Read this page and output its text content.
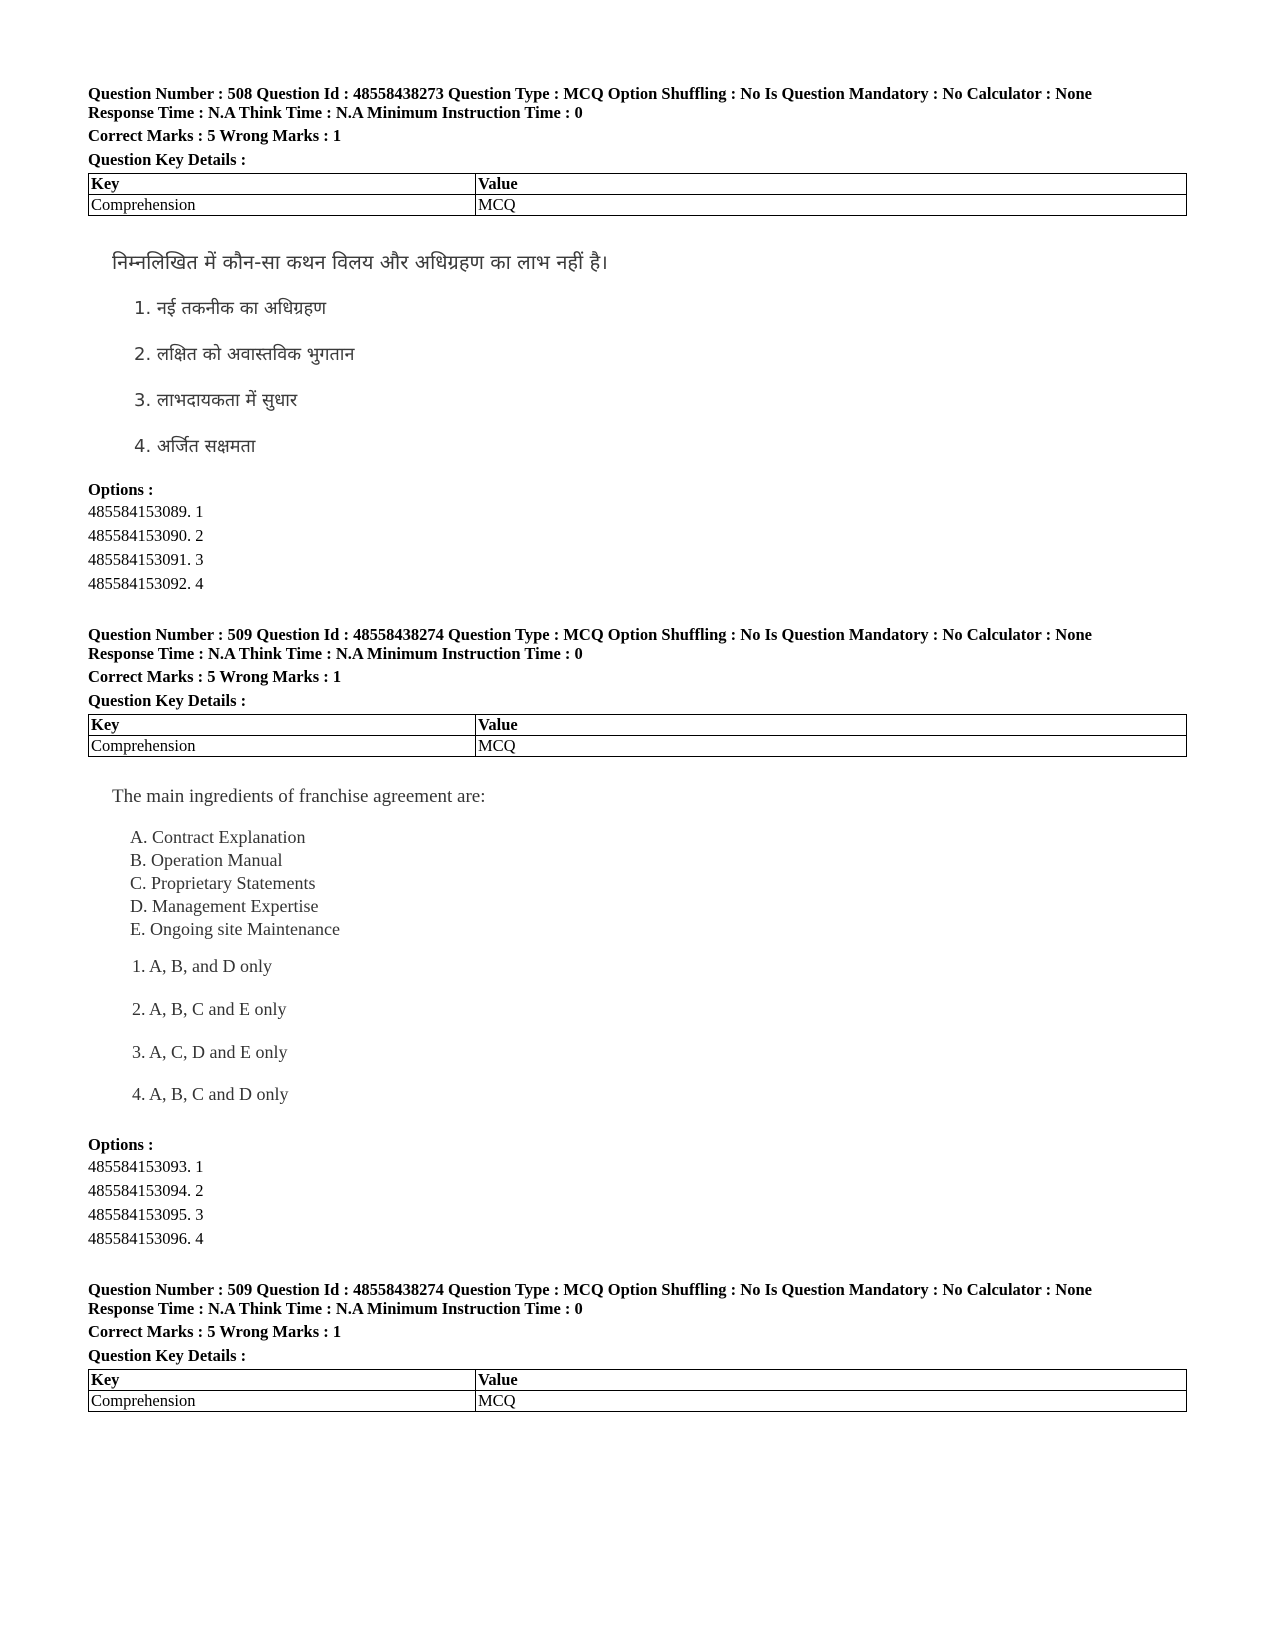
Question Number : 508 Question Id : 48558438273 Question Type : MCQ Option Shuffling : No Is Question Mandatory : No Calculator : None

Response Time : N.A Think Time : N.A Minimum Instruction Time : 0

Correct Marks : 5 Wrong Marks : 1

Question Key Details :

Key	Value
Comprehension	MCQ

निम्नलिखित में कौन-सा कथन विलय और अधिग्रहण का लाभ नहीं है।

1. नई तकनीक का अधिग्रहण

2. लक्षित को अवास्तविक भुगतान

3. लाभदायकता में सुधार

4. अर्जित सक्षमता

Options :

485584153089. 1
485584153090. 2
485584153091. 3
485584153092. 4

Question Number : 509 Question Id : 48558438274 Question Type : MCQ Option Shuffling : No Is Question Mandatory : No Calculator : None

Response Time : N.A Think Time : N.A Minimum Instruction Time : 0

Correct Marks : 5 Wrong Marks : 1

Question Key Details :

Key	Value
Comprehension	MCQ

The main ingredients of franchise agreement are:

A. Contract Explanation

B. Operation Manual

C. Proprietary Statements

D. Management Expertise

E. Ongoing site Maintenance

1. A, B, and D only

2. A, B, C and E only

3. A, C, D and E only

4. A, B, C and D only

Options :

485584153093. 1
485584153094. 2
485584153095. 3
485584153096. 4

Question Number : 509 Question Id : 48558438274 Question Type : MCQ Option Shuffling : No Is Question Mandatory : No Calculator : None

Response Time : N.A Think Time : N.A Minimum Instruction Time : 0

Correct Marks : 5 Wrong Marks : 1

Question Key Details :

Key	Value
Comprehension	MCQ
